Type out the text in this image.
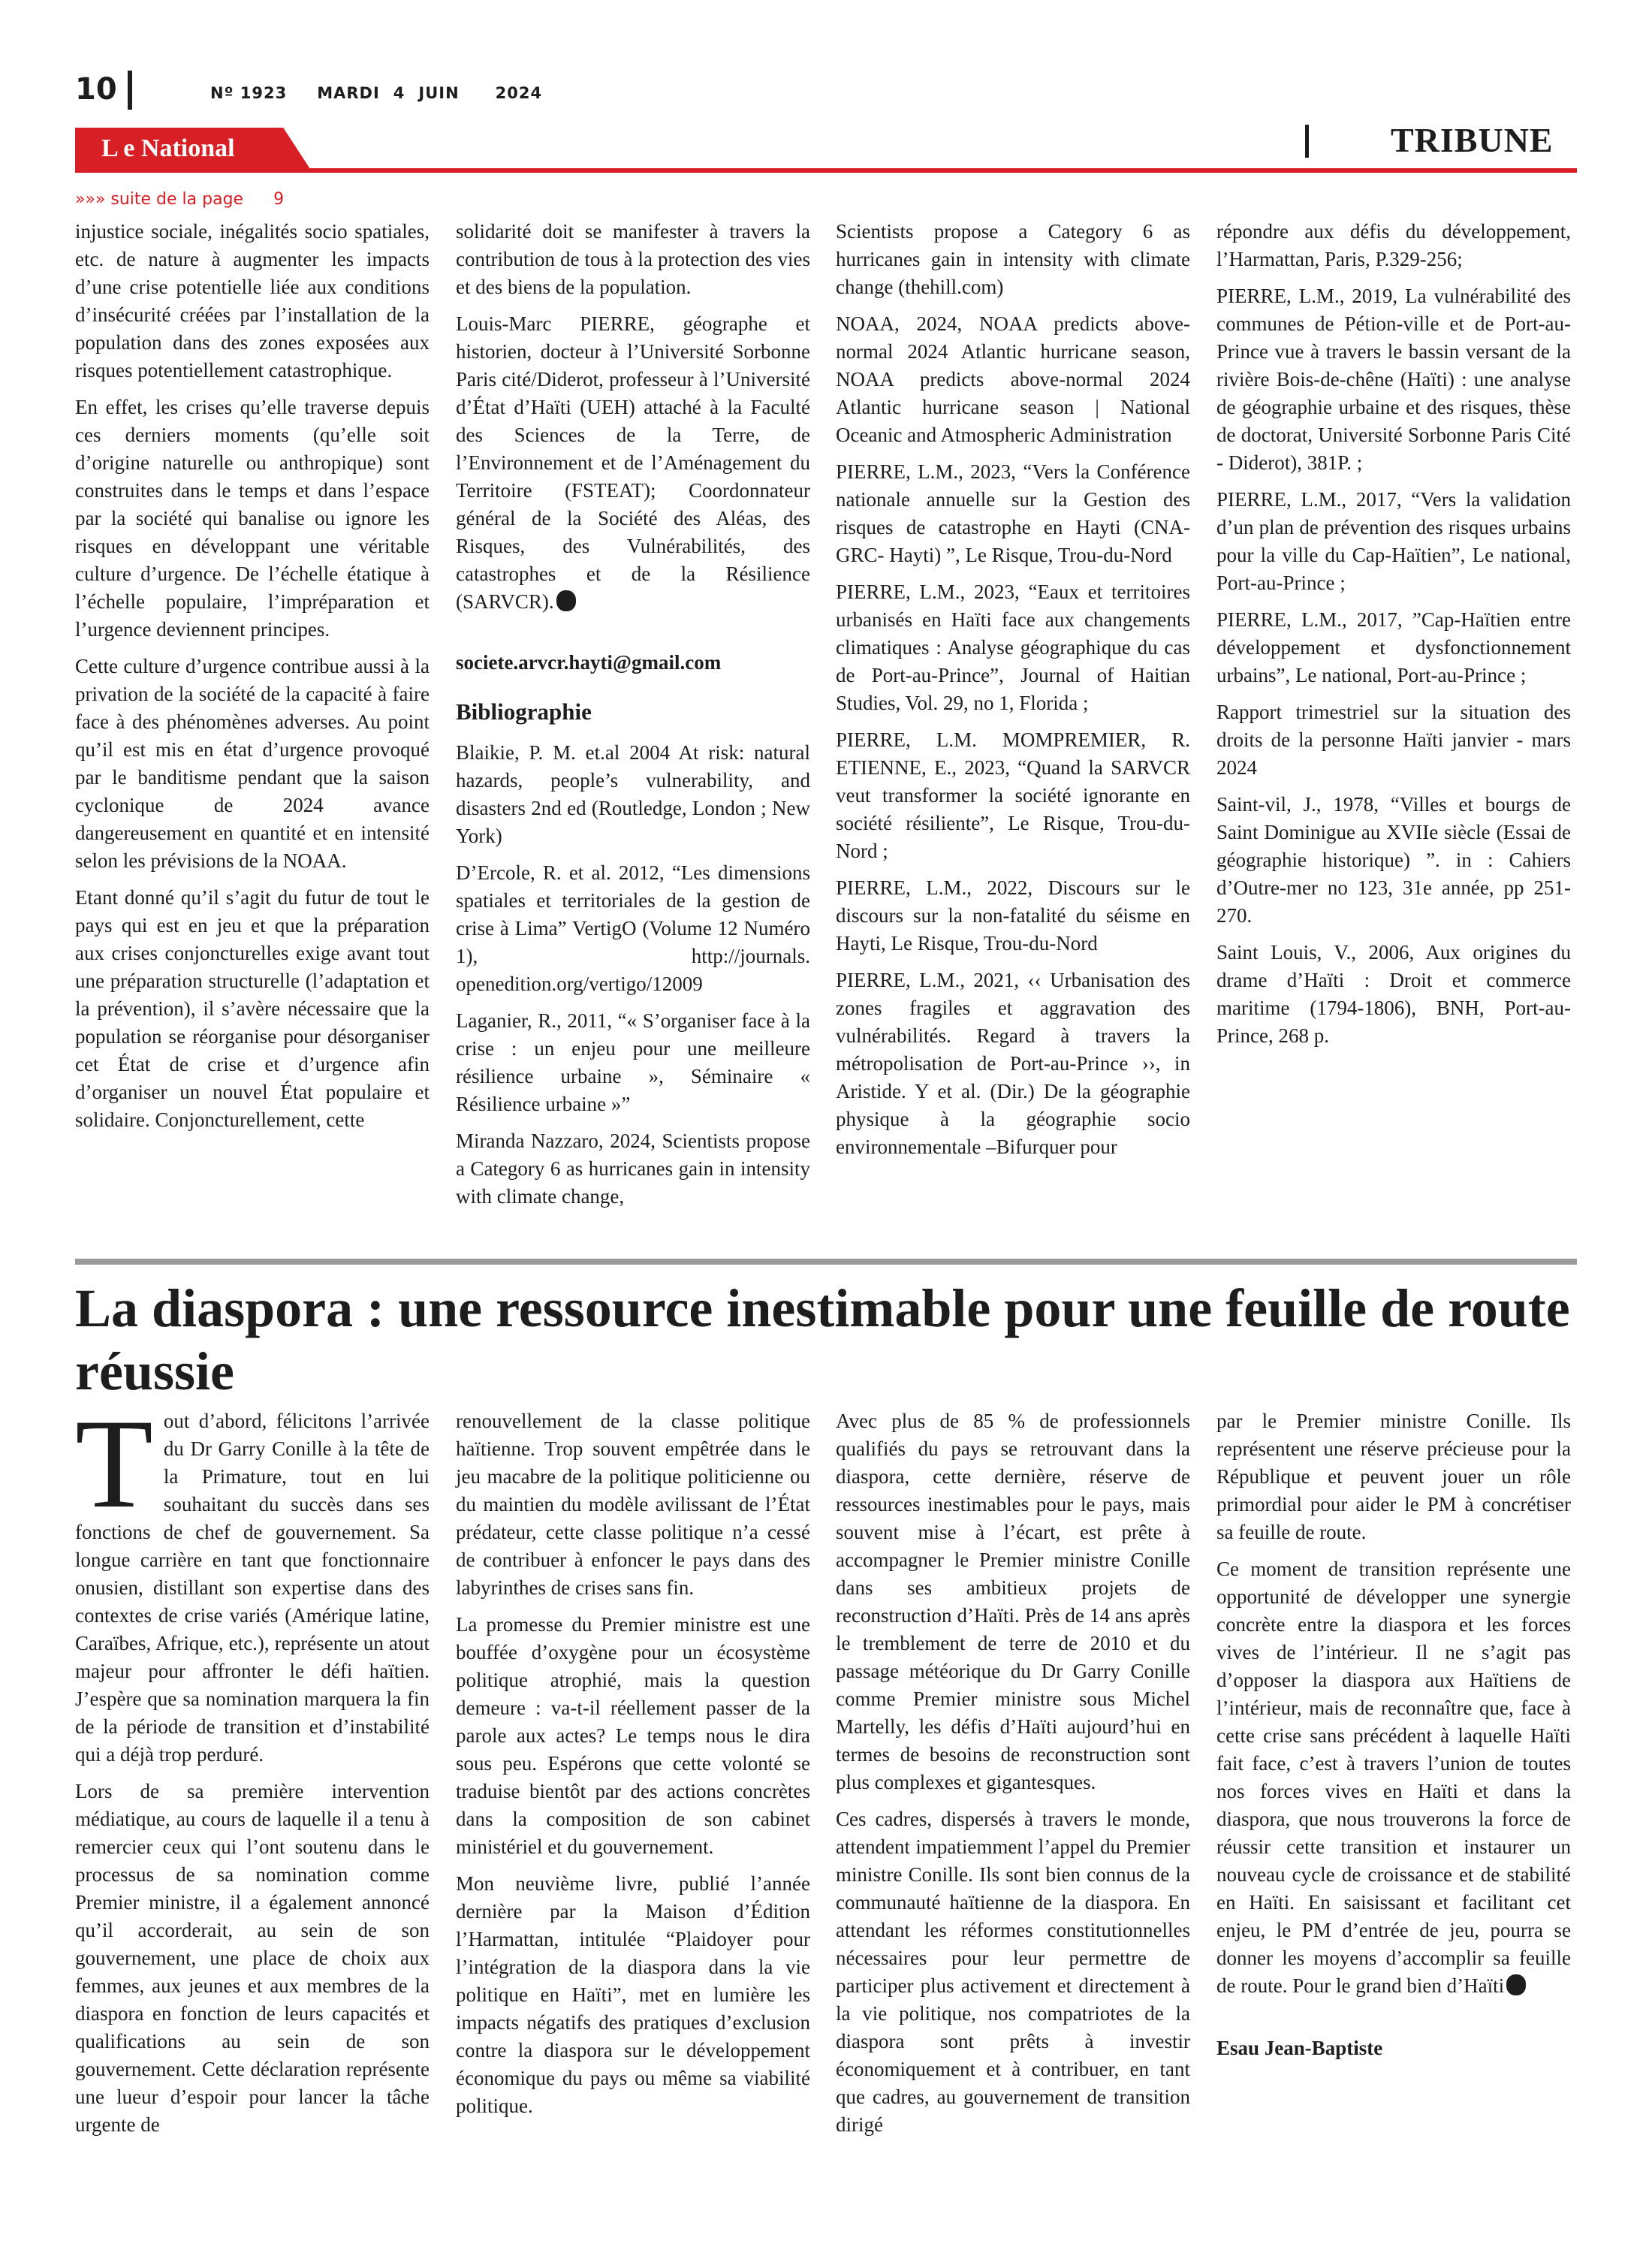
10	Nº 1923 MARDI 4 JUIN 2024
L e National	TRIBUNE
»»» suite de la page 9

injustice sociale, inégalités socio spatiales, etc. de nature à augmenter les impacts d’une crise potentielle liée aux conditions d’insécurité créées par l’installation de la population dans des zones exposées aux risques potentiellement catastrophique.

En effet, les crises qu’elle traverse depuis ces derniers moments (qu’elle soit d’origine naturelle ou anthropique) sont construites dans le temps et dans l’espace par la société qui banalise ou ignore les risques en développant une véritable culture d’urgence. De l’échelle étatique à l’échelle populaire, l’impréparation et l’urgence deviennent principes.

Cette culture d’urgence contribue aussi à la privation de la société de la capacité à faire face à des phénomènes adverses. Au point qu’il est mis en état d’urgence provoqué par le banditisme pendant que la saison cyclonique de 2024 avance dangereusement en quantité et en intensité selon les prévisions de la NOAA.

Etant donné qu’il s’agit du futur de tout le pays qui est en jeu et que la préparation aux crises conjoncturelles exige avant tout une préparation structurelle (l’adaptation et la prévention), il s’avère nécessaire que la population se réorganise pour désorganiser cet État de crise et d’urgence afin d’organiser un nouvel État populaire et solidaire. Conjoncturellement, cette

solidarité doit se manifester à travers la contribution de tous à la protection des vies et des biens de la population.

Louis-Marc PIERRE, géographe et historien, docteur à l’Université Sorbonne Paris cité/Diderot, professeur à l’Université d’État d’Haïti (UEH) attaché à la Faculté des Sciences de la Terre, de l’Environnement et de l’Aménagement du Territoire (FSTEAT); Coordonnateur général de la Société des Aléas, des Risques, des Vulnérabilités, des catastrophes et de la Résilience (SARVCR).

societe.arvcr.hayti@gmail.com

Bibliographie

Blaikie, P. M. et.al 2004 At risk: natural hazards, people’s vulnerability, and disasters 2nd ed (Routledge, London ; New York)

D’Ercole, R. et al. 2012, “Les dimensions spatiales et territoriales de la gestion de crise à Lima” VertigO (Volume 12 Numéro 1), http://journals. openedition.org/vertigo/12009

Laganier, R., 2011, “« S’organiser face à la crise : un enjeu pour une meilleure résilience urbaine », Séminaire « Résilience urbaine »”

Miranda Nazzaro, 2024, Scientists propose a Category 6 as hurricanes gain in intensity with climate change,

Scientists propose a Category 6 as hurricanes gain in intensity with climate change (thehill.com)

NOAA, 2024, NOAA predicts above-normal 2024 Atlantic hurricane season, NOAA predicts above-normal 2024 Atlantic hurricane season | National Oceanic and Atmospheric Administration

PIERRE, L.M., 2023, “Vers la Conférence nationale annuelle sur la Gestion des risques de catastrophe en Hayti (CNA-GRC- Hayti) ”, Le Risque, Trou-du-Nord

PIERRE, L.M., 2023, “Eaux et territoires urbanisés en Haïti face aux changements climatiques : Analyse géographique du cas de Port-au-Prince”, Journal of Haitian Studies, Vol. 29, no 1, Florida ;

PIERRE, L.M. MOMPREMIER, R. ETIENNE, E., 2023, “Quand la SARVCR veut transformer la société ignorante en société résiliente”, Le Risque, Trou-du-Nord ;

PIERRE, L.M., 2022, Discours sur le discours sur la non-fatalité du séisme en Hayti, Le Risque, Trou-du-Nord

PIERRE, L.M., 2021, ‹‹ Urbanisation des zones fragiles et aggravation des vulnérabilités. Regard à travers la métropolisation de Port-au-Prince ››, in Aristide. Y et al. (Dir.) De la géographie physique à la géographie socio environnementale –Bifurquer pour

répondre aux défis du développement, l’Harmattan, Paris, P.329-256;

PIERRE, L.M., 2019, La vulnérabilité des communes de Pétion-ville et de Port-au-Prince vue à travers le bassin versant de la rivière Bois-de-chêne (Haïti) : une analyse de géographie urbaine et des risques, thèse de doctorat, Université Sorbonne Paris Cité - Diderot), 381P. ;

PIERRE, L.M., 2017, “Vers la validation d’un plan de prévention des risques urbains pour la ville du Cap-Haïtien”, Le national, Port-au-Prince ;

PIERRE, L.M., 2017, ”Cap-Haïtien entre développement et dysfonctionnement urbains”, Le national, Port-au-Prince ;

Rapport trimestriel sur la situation des droits de la personne Haïti janvier - mars 2024

Saint-vil, J., 1978, “Villes et bourgs de Saint Dominigue au XVIIe siècle (Essai de géographie historique) ”. in : Cahiers d’Outre-mer no 123, 31e année, pp 251-270.

Saint Louis, V., 2006, Aux origines du drame d’Haïti : Droit et commerce maritime (1794-1806), BNH, Port-au-Prince, 268 p.

La diaspora : une ressource inestimable pour une feuille de route réussie

Tout d’abord, félicitons l’arrivée du Dr Garry Conille à la tête de la Primature, tout en lui souhaitant du succès dans ses fonctions de chef de gouvernement. Sa longue carrière en tant que fonctionnaire onusien, distillant son expertise dans des contextes de crise variés (Amérique latine, Caraïbes, Afrique, etc.), représente un atout majeur pour affronter le défi haïtien. J’espère que sa nomination marquera la fin de la période de transition et d’instabilité qui a déjà trop perduré.

Lors de sa première intervention médiatique, au cours de laquelle il a tenu à remercier ceux qui l’ont soutenu dans le processus de sa nomination comme Premier ministre, il a également annoncé qu’il accorderait, au sein de son gouvernement, une place de choix aux femmes, aux jeunes et aux membres de la diaspora en fonction de leurs capacités et qualifications au sein de son gouvernement. Cette déclaration représente une lueur d’espoir pour lancer la tâche urgente de

renouvellement de la classe politique haïtienne. Trop souvent empêtrée dans le jeu macabre de la politique politicienne ou du maintien du modèle avilissant de l’État prédateur, cette classe politique n’a cessé de contribuer à enfoncer le pays dans des labyrinthes de crises sans fin.

La promesse du Premier ministre est une bouffée d’oxygène pour un écosystème politique atrophié, mais la question demeure : va-t-il réellement passer de la parole aux actes? Le temps nous le dira sous peu. Espérons que cette volonté se traduise bientôt par des actions concrètes dans la composition de son cabinet ministériel et du gouvernement.

Mon neuvième livre, publié l’année dernière par la Maison d’Édition l’Harmattan, intitulée “Plaidoyer pour l’intégration de la diaspora dans la vie politique en Haïti”, met en lumière les impacts négatifs des pratiques d’exclusion contre la diaspora sur le développement économique du pays ou même sa viabilité politique.

Avec plus de 85 % de professionnels qualifiés du pays se retrouvant dans la diaspora, cette dernière, réserve de ressources inestimables pour le pays, mais souvent mise à l’écart, est prête à accompagner le Premier ministre Conille dans ses ambitieux projets de reconstruction d’Haïti. Près de 14 ans après le tremblement de terre de 2010 et du passage météorique du Dr Garry Conille comme Premier ministre sous Michel Martelly, les défis d’Haïti aujourd’hui en termes de besoins de reconstruction sont plus complexes et gigantesques.

Ces cadres, dispersés à travers le monde, attendent impatiemment l’appel du Premier ministre Conille. Ils sont bien connus de la communauté haïtienne de la diaspora. En attendant les réformes constitutionnelles nécessaires pour leur permettre de participer plus activement et directement à la vie politique, nos compatriotes de la diaspora sont prêts à investir économiquement et à contribuer, en tant que cadres, au gouvernement de transition dirigé

par le Premier ministre Conille. Ils représentent une réserve précieuse pour la République et peuvent jouer un rôle primordial pour aider le PM à concrétiser sa feuille de route.

Ce moment de transition représente une opportunité de développer une synergie concrète entre la diaspora et les forces vives de l’intérieur. Il ne s’agit pas d’opposer la diaspora aux Haïtiens de l’intérieur, mais de reconnaître que, face à cette crise sans précédent à laquelle Haïti fait face, c’est à travers l’union de toutes nos forces vives en Haïti et dans la diaspora, que nous trouverons la force de réussir cette transition et instaurer un nouveau cycle de croissance et de stabilité en Haïti. En saisissant et facilitant cet enjeu, le PM d’entrée de jeu, pourra se donner les moyens d’accomplir sa feuille de route. Pour le grand bien d’Haïti

Esau Jean-Baptiste
